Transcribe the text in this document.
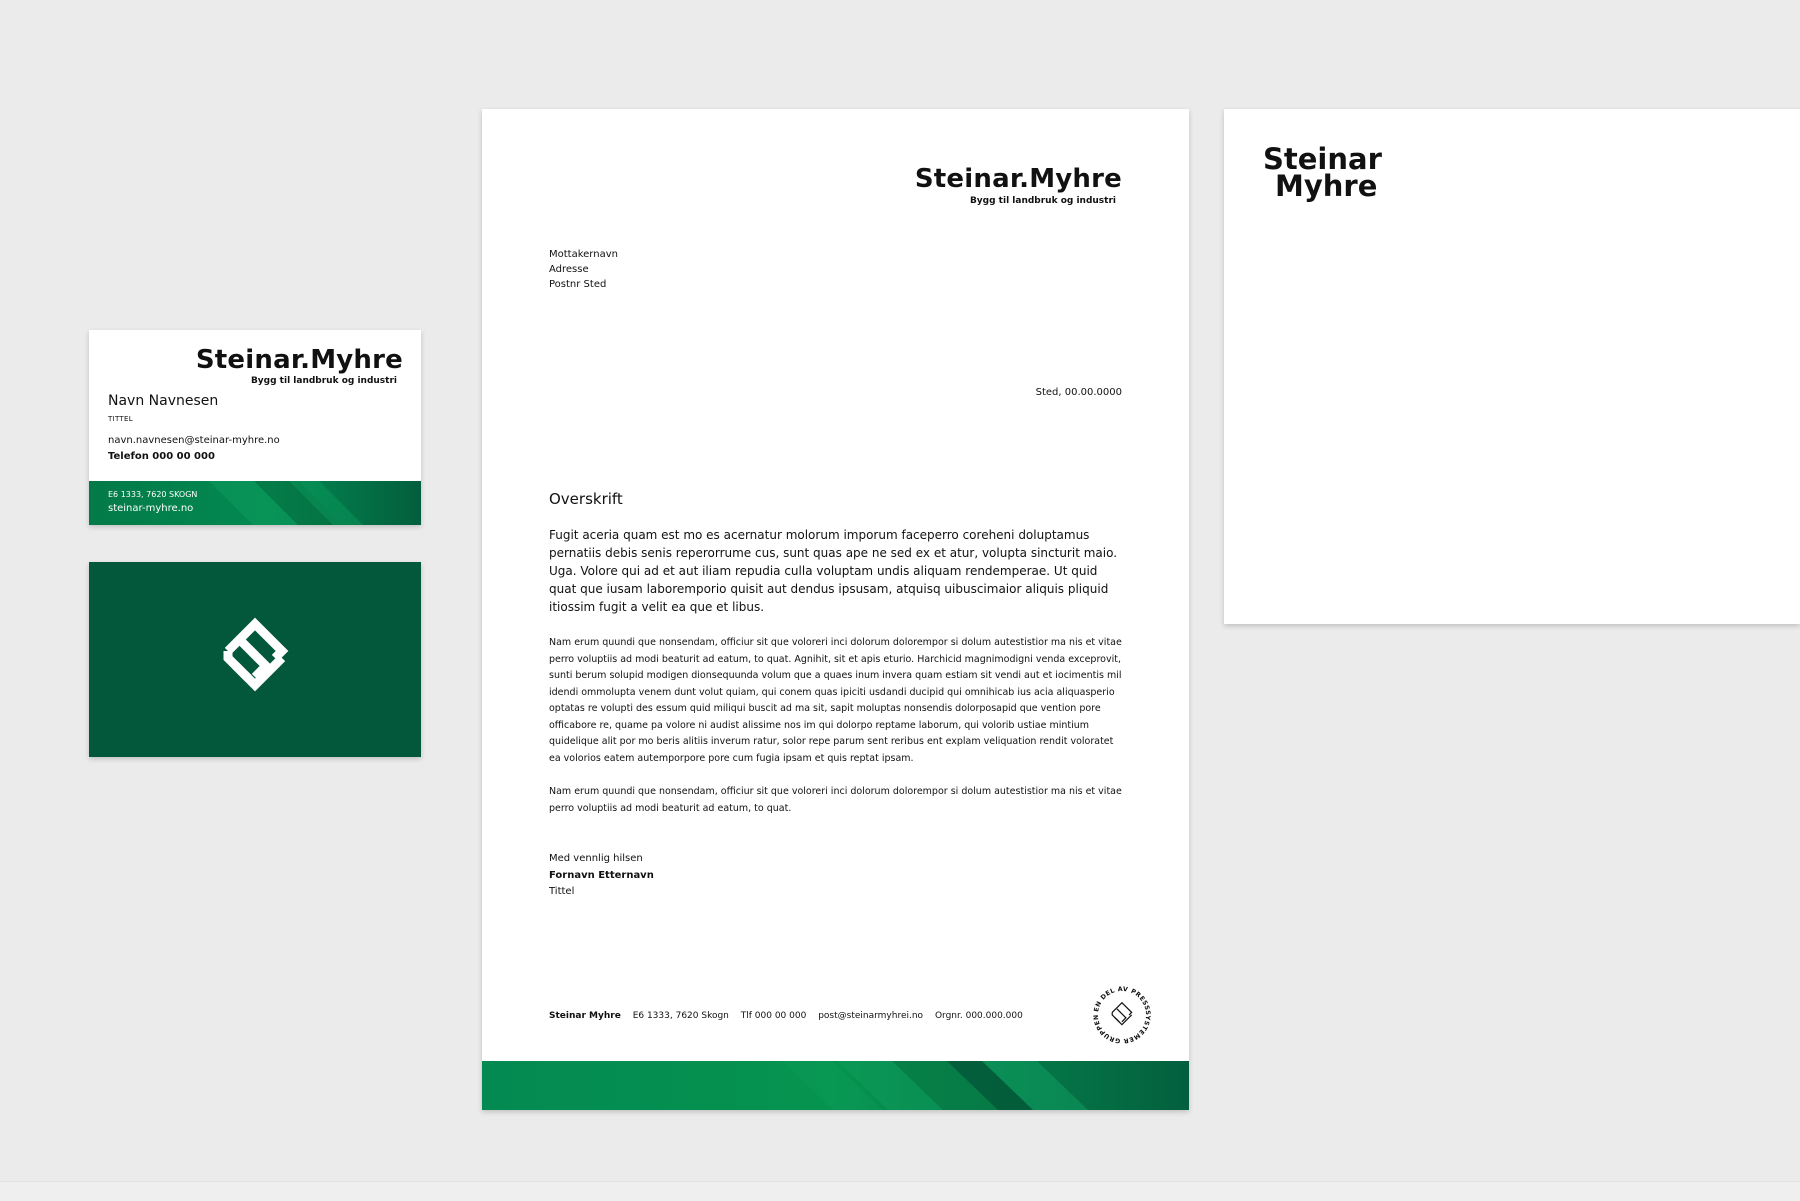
Steinar.Myhre
Bygg til landbruk og industri
Navn Navnesen
TITTEL
navn.navnesen@steinar-myhre.no
Telefon 000 00 000
E6 1333, 7620 SKOGN
steinar-myhre.no
Steinar.Myhre
Bygg til landbruk og industri
Mottakernavn
Adresse
Postnr Sted
Sted, 00.00.0000
Overskrift
Fugit aceria quam est mo es acernatur molorum imporum faceperro coreheni doluptamus pernatiis debis senis reperorrume cus, sunt quas ape ne sed ex et atur, volupta sincturit maio. Uga. Volore qui ad et aut iliam repudia culla voluptam undis aliquam rendemperae. Ut quid quat que iusam laboremporio quisit aut dendus ipsusam, atquisq uibuscimaior aliquis pliquid itiossim fugit a velit ea que et libus.
Nam erum quundi que nonsendam, officiur sit que voloreri inci dolorum dolorempor si dolum autestistior ma nis et vitae perro voluptiis ad modi beaturit ad eatum, to quat. Agnihit, sit et apis eturio. Harchicid magnimodigni venda exceprovit, sunti berum solupid modigen dionsequunda volum que a quaes inum invera quam estiam sit vendi aut et iocimentis mil idendi ommolupta venem dunt volut quiam, qui conem quas ipiciti usdandi ducipid qui omnihicab ius acia aliquasperio optatas re volupti des essum quid miliqui buscit ad ma sit, sapit moluptas nonsendis dolorposapid que vention pore officabore re, quame pa volore ni audist alissime nos im qui dolorpo reptame laborum, qui volorib ustiae mintium quidelique alit por mo beris alitiis inverum ratur, solor repe parum sent reribus ent explam veliquation rendit voloratet ea volorios eatem autemporpore pore cum fugia ipsam et quis reptat ipsam.
Nam erum quundi que nonsendam, officiur sit que voloreri inci dolorum dolorempor si dolum autestistior ma nis et vitae perro voluptiis ad modi beaturit ad eatum, to quat.
Med vennlig hilsen
Fornavn Etternavn
Tittel
Steinar Myhre E6 1333, 7620 Skogn Tlf 000 00 000 post@steinarmyhrei.no Orgnr. 000.000.000
EN DEL AV PRESSSYSTEMER GRUPPEN
Steinar
Myhre
